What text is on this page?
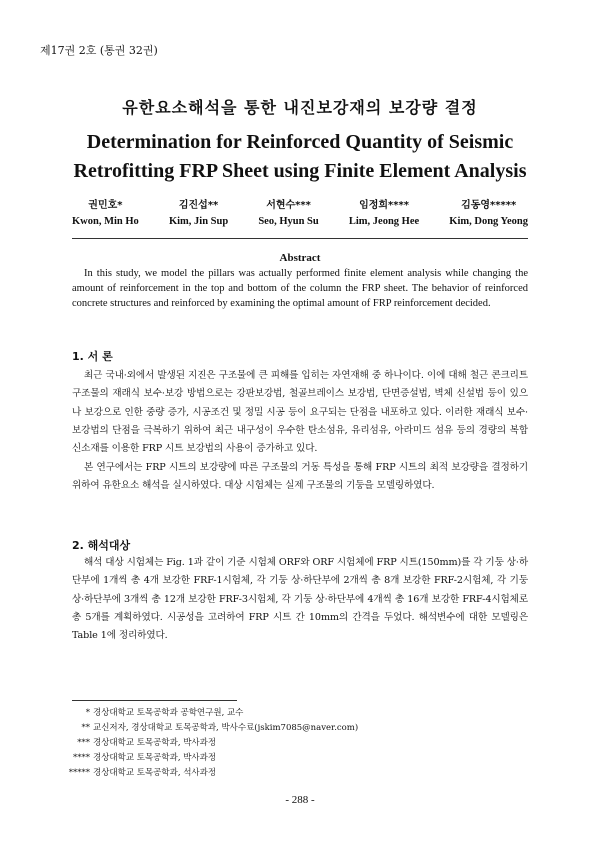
제17권 2호 (통권 32권)
유한요소해석을 통한 내진보강재의 보강량 결정
Determination for Reinforced Quantity of Seismic
Retrofitting FRP Sheet using Finite Element Analysis
권민호*
Kwon, Min Ho
김진섭**
Kim, Jin Sup
서현수***
Seo, Hyun Su
임정희****
Lim, Jeong Hee
김동영*****
Kim, Dong Yeong
Abstract
In this study, we model the pillars was actually performed finite element analysis while changing the amount of reinforcement in the top and bottom of the column the FRP sheet. The behavior of reinforced concrete structures and reinforced by examining the optimal amount of FRP reinforcement decided.
1. 서 론
최근 국내·외에서 발생된 지진은 구조물에 큰 피해를 입히는 자연재해 중 하나이다. 이에 대해 철근 콘크리트 구조물의 재래식 보수·보강 방법으로는 강판보강법, 철골브레이스 보강법, 단면증설법, 벽체 신설법 등이 있으나 보강으로 인한 중량 증가, 시공조건 및 정밀 시공 등이 요구되는 단점을 내포하고 있다. 이러한 재래식 보수·보강법의 단점을 극복하기 위하여 최근 내구성이 우수한 탄소섬유, 유리섬유, 아라미드 섬유 등의 경량의 복합 신소재를 이용한 FRP 시트 보강법의 사용이 증가하고 있다.
본 연구에서는 FRP 시트의 보강량에 따른 구조물의 거동 특성을 통해 FRP 시트의 최적 보강량을 결정하기 위하여 유한요소 해석을 실시하였다. 대상 시험체는 실제 구조물의 기둥을 모델링하였다.
2. 해석대상
해석 대상 시험체는 Fig. 1과 같이 기준 시험체 ORF와 ORF 시험체에 FRP 시트(150mm)를 각 기둥 상·하단부에 1개씩 총 4개 보강한 FRF-1시험체, 각 기둥 상·하단부에 2개씩 총 8개 보강한 FRF-2시험체, 각 기둥 상·하단부에 3개씩 총 12개 보강한 FRF-3시험체, 각 기둥 상·하단부에 4개씩 총 16개 보강한 FRF-4시험체로 총 5개를 계획하였다. 시공성을 고려하여 FRP 시트 간 10mm의 간격을 두었다. 해석변수에 대한 모델링은 Table 1에 정리하였다.
* 경상대학교 토목공학과 공학연구원, 교수
** 교신저자, 경상대학교 토목공학과, 박사수료(jskim7085@naver.com)
*** 경상대학교 토목공학과, 박사과정
**** 경상대학교 토목공학과, 박사과정
***** 경상대학교 토목공학과, 석사과정
- 288 -
